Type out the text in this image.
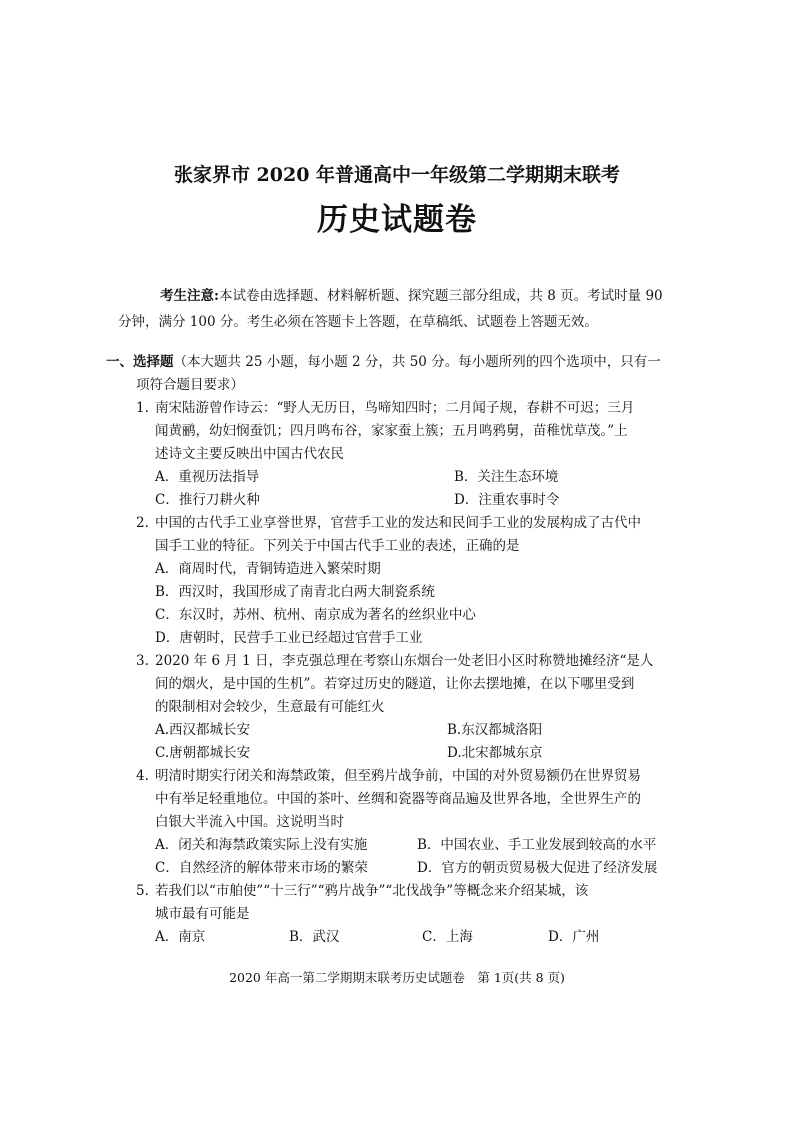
张家界市 2020 年普通高中一年级第二学期期末联考
历史试题卷
考生注意:本试卷由选择题、材料解析题、探究题三部分组成，共 8 页。考试时量 90
分钟，满分 100 分。考生必须在答题卡上答题，在草稿纸、试题卷上答题无效。
一、选择题（本大题共 25 小题，每小题 2 分，共 50 分。每小题所列的四个选项中，只有一
项符合题目要求）
1. 南宋陆游曾作诗云：“野人无历日，鸟啼知四时；二月闻子规，春耕不可迟；三月
闻黄鹂，幼妇悯蚕饥；四月鸣布谷，家家蚕上簇；五月鸣鸦舅，苗稚忧草茂。”上
述诗文主要反映出中国古代农民
A．重视历法指导	B．关注生态环境
C．推行刀耕火种	D．注重农事时令
2. 中国的古代手工业享誉世界，官营手工业的发达和民间手工业的发展构成了古代中
国手工业的特征。下列关于中国古代手工业的表述，正确的是
A．商周时代，青铜铸造进入繁荣时期
B．西汉时，我国形成了南青北白两大制瓷系统
C．东汉时，苏州、杭州、南京成为著名的丝织业中心
D．唐朝时，民营手工业已经超过官营手工业
3. 2020 年 6 月 1 日，李克强总理在考察山东烟台一处老旧小区时称赞地摊经济“是人
间的烟火，是中国的生机”。若穿过历史的隧道，让你去摆地摊，在以下哪里受到
的限制相对会较少，生意最有可能红火
A.西汉都城长安	B.东汉都城洛阳
C.唐朝都城长安	D.北宋都城东京
4. 明清时期实行闭关和海禁政策，但至鸦片战争前，中国的对外贸易额仍在世界贸易
中有举足轻重地位。中国的茶叶、丝绸和瓷器等商品遍及世界各地，全世界生产的
白银大半流入中国。这说明当时
A．闭关和海禁政策实际上没有实施	B．中国农业、手工业发展到较高的水平
C．自然经济的解体带来市场的繁荣	D．官方的朝贡贸易极大促进了经济发展
5. 若我们以“市舶使”“十三行”“鸦片战争”“北伐战争”等概念来介绍某城，该
城市最有可能是
A．南京	B．武汉	C．上海	D．广州
2020 年高一第二学期期末联考历史试题卷　第 1页(共 8 页)
